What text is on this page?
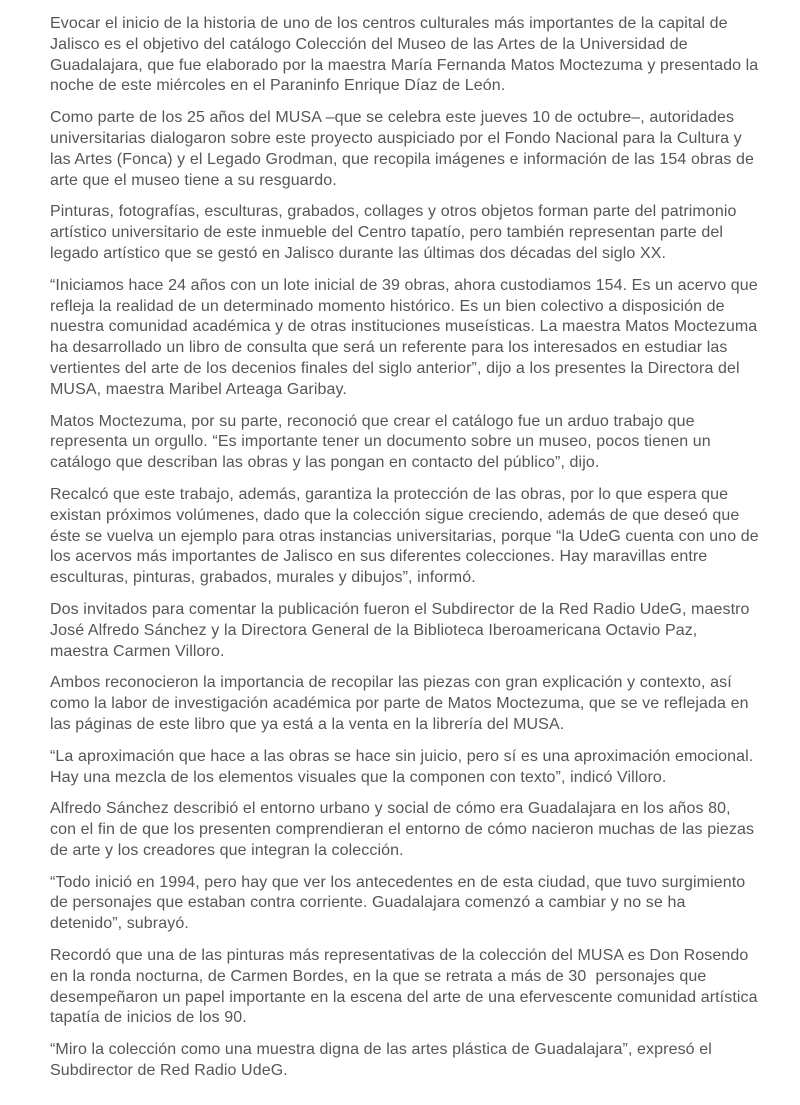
Evocar el inicio de la historia de uno de los centros culturales más importantes de la capital de Jalisco es el objetivo del catálogo Colección del Museo de las Artes de la Universidad de Guadalajara, que fue elaborado por la maestra María Fernanda Matos Moctezuma y presentado la noche de este miércoles en el Paraninfo Enrique Díaz de León.

Como parte de los 25 años del MUSA –que se celebra este jueves 10 de octubre–, autoridades universitarias dialogaron sobre este proyecto auspiciado por el Fondo Nacional para la Cultura y las Artes (Fonca) y el Legado Grodman, que recopila imágenes e información de las 154 obras de arte que el museo tiene a su resguardo.

Pinturas, fotografías, esculturas, grabados, collages y otros objetos forman parte del patrimonio artístico universitario de este inmueble del Centro tapatío, pero también representan parte del legado artístico que se gestó en Jalisco durante las últimas dos décadas del siglo XX.

“Iniciamos hace 24 años con un lote inicial de 39 obras, ahora custodiamos 154. Es un acervo que refleja la realidad de un determinado momento histórico. Es un bien colectivo a disposición de nuestra comunidad académica y de otras instituciones museísticas. La maestra Matos Moctezuma ha desarrollado un libro de consulta que será un referente para los interesados en estudiar las vertientes del arte de los decenios finales del siglo anterior”, dijo a los presentes la Directora del MUSA, maestra Maribel Arteaga Garibay.

Matos Moctezuma, por su parte, reconoció que crear el catálogo fue un arduo trabajo que representa un orgullo. “Es importante tener un documento sobre un museo, pocos tienen un catálogo que describan las obras y las pongan en contacto del público”, dijo.

Recalcó que este trabajo, además, garantiza la protección de las obras, por lo que espera que existan próximos volúmenes, dado que la colección sigue creciendo, además de que deseó que éste se vuelva un ejemplo para otras instancias universitarias, porque “la UdeG cuenta con uno de los acervos más importantes de Jalisco en sus diferentes colecciones. Hay maravillas entre esculturas, pinturas, grabados, murales y dibujos”, informó.

Dos invitados para comentar la publicación fueron el Subdirector de la Red Radio UdeG, maestro José Alfredo Sánchez y la Directora General de la Biblioteca Iberoamericana Octavio Paz, maestra Carmen Villoro.

Ambos reconocieron la importancia de recopilar las piezas con gran explicación y contexto, así como la labor de investigación académica por parte de Matos Moctezuma, que se ve reflejada en las páginas de este libro que ya está a la venta en la librería del MUSA.

“La aproximación que hace a las obras se hace sin juicio, pero sí es una aproximación emocional. Hay una mezcla de los elementos visuales que la componen con texto”, indicó Villoro.

Alfredo Sánchez describió el entorno urbano y social de cómo era Guadalajara en los años 80, con el fin de que los presenten comprendieran el entorno de cómo nacieron muchas de las piezas de arte y los creadores que integran la colección.

“Todo inició en 1994, pero hay que ver los antecedentes en de esta ciudad, que tuvo surgimiento de personajes que estaban contra corriente. Guadalajara comenzó a cambiar y no se ha detenido”, subrayó.

Recordó que una de las pinturas más representativas de la colección del MUSA es Don Rosendo en la ronda nocturna, de Carmen Bordes, en la que se retrata a más de 30  personajes que desempeñaron un papel importante en la escena del arte de una efervescente comunidad artística tapatía de inicios de los 90.

“Miro la colección como una muestra digna de las artes plástica de Guadalajara”, expresó el Subdirector de Red Radio UdeG.
